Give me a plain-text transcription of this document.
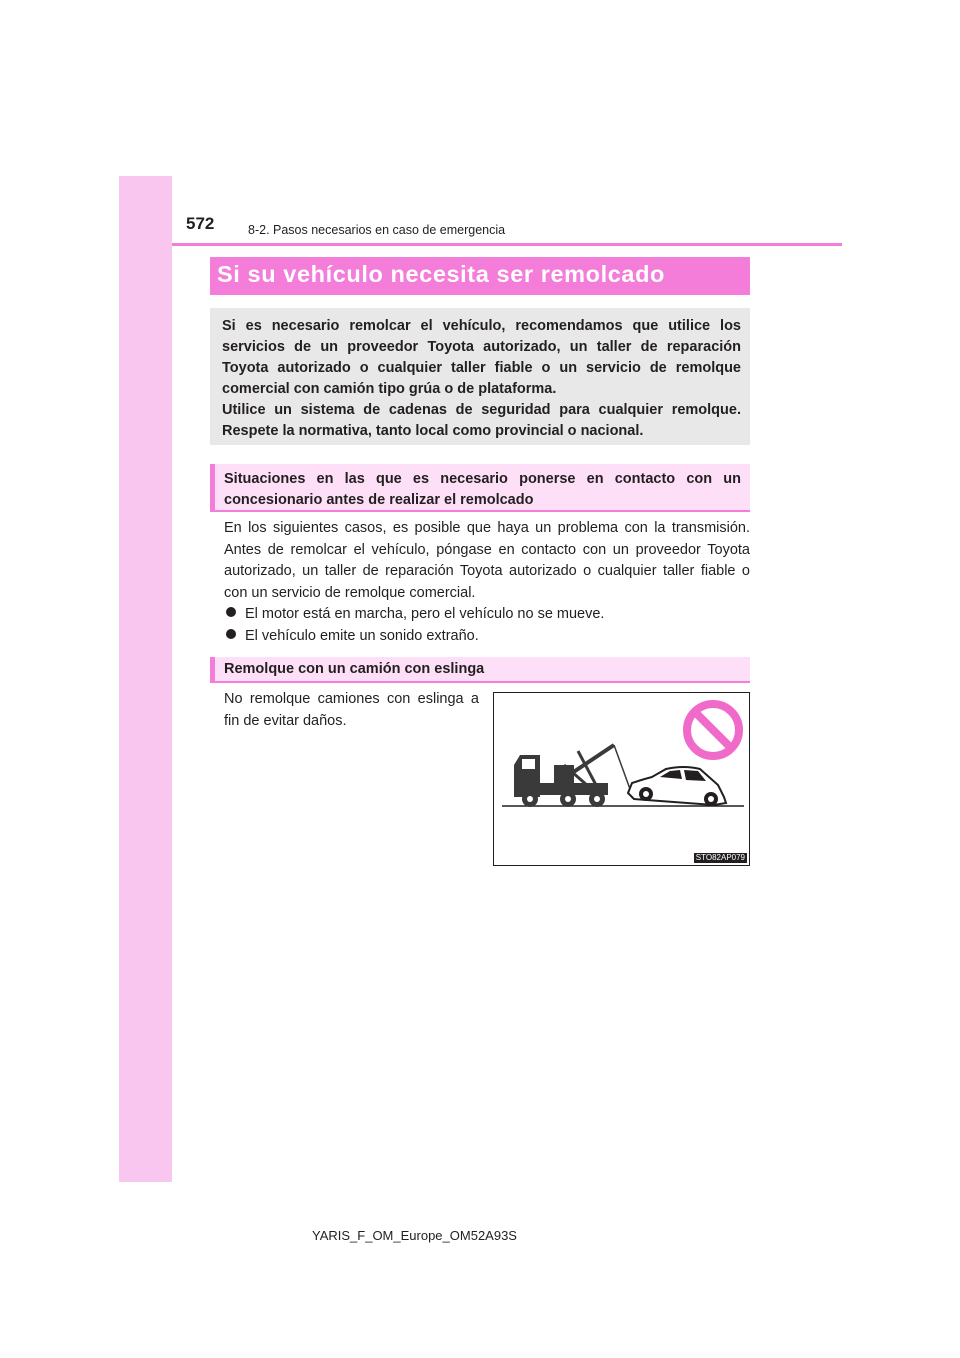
572	8-2. Pasos necesarios en caso de emergencia
Si su vehículo necesita ser remolcado

Si es necesario remolcar el vehículo, recomendamos que utilice los servicios de un proveedor Toyota autorizado, un taller de reparación Toyota autorizado o cualquier taller fiable o un servicio de remolque comercial con camión tipo grúa o de plataforma.

Utilice un sistema de cadenas de seguridad para cualquier remolque. Respete la normativa, tanto local como provincial o nacional.

Situaciones en las que es necesario ponerse en contacto con un concesionario antes de realizar el remolcado

En los siguientes casos, es posible que haya un problema con la transmisión. Antes de remolcar el vehículo, póngase en contacto con un proveedor Toyota autorizado, un taller de reparación Toyota autorizado o cualquier taller fiable o con un servicio de remolque comercial.

El motor está en marcha, pero el vehículo no se mueve.
El vehículo emite un sonido extraño.
Remolque con un camión con eslinga

No remolque camiones con eslinga a fin de evitar daños.

STO82AP079
YARIS_F_OM_Europe_OM52A93S
